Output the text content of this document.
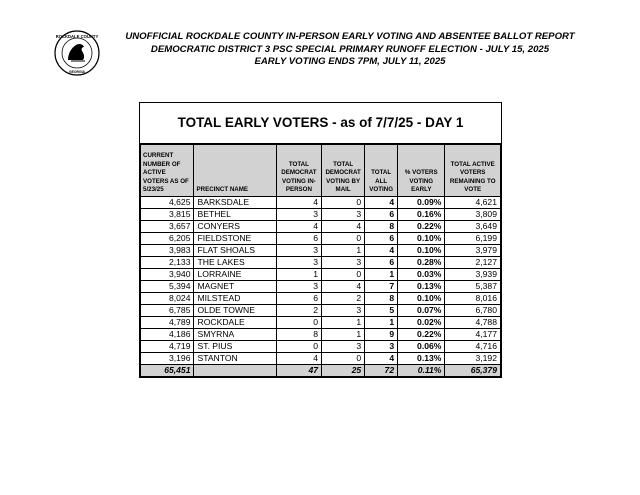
ROCKDALE COUNTY
GEORGIA
UNOFFICIAL ROCKDALE COUNTY IN-PERSON EARLY VOTING AND ABSENTEE BALLOT REPORT
DEMOCRATIC DISTRICT 3 PSC SPECIAL PRIMARY RUNOFF ELECTION - JULY 15, 2025
EARLY VOTING ENDS 7PM, JULY 11, 2025
TOTAL EARLY VOTERS - as of 7/7/25 - DAY 1
CURRENT NUMBER OF ACTIVE VOTERS AS OF 5/23/25	PRECINCT NAME	TOTAL DEMOCRAT VOTING IN-PERSON	TOTAL DEMOCRAT VOTING BY MAIL	TOTAL ALL VOTING	% VOTERS VOTING EARLY	TOTAL ACTIVE VOTERS REMAINING TO VOTE
4,625	BARKSDALE	4	0	4	0.09%	4,621
3,815	BETHEL	3	3	6	0.16%	3,809
3,657	CONYERS	4	4	8	0.22%	3,649
6,205	FIELDSTONE	6	0	6	0.10%	6,199
3,983	FLAT SHOALS	3	1	4	0.10%	3,979
2,133	THE LAKES	3	3	6	0.28%	2,127
3,940	LORRAINE	1	0	1	0.03%	3,939
5,394	MAGNET	3	4	7	0.13%	5,387
8,024	MILSTEAD	6	2	8	0.10%	8,016
6,785	OLDE TOWNE	2	3	5	0.07%	6,780
4,789	ROCKDALE	0	1	1	0.02%	4,788
4,186	SMYRNA	8	1	9	0.22%	4,177
4,719	ST. PIUS	0	3	3	0.06%	4,716
3,196	STANTON	4	0	4	0.13%	3,192
65,451		47	25	72	0.11%	65,379
